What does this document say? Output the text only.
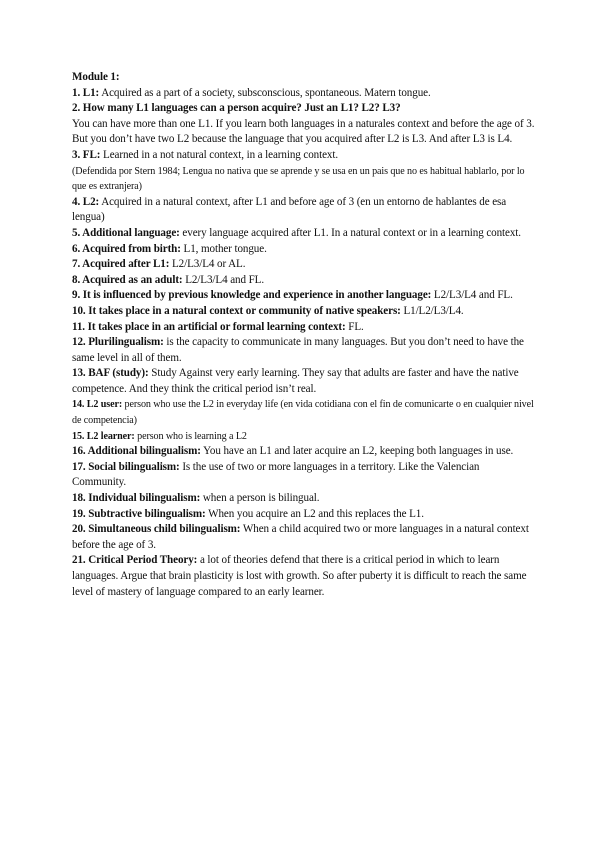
Module 1:

1. L1: Acquired as a part of a society, subsconscious, spontaneous. Matern tongue.

2. How many L1 languages can a person acquire? Just an L1? L2? L3?

You can have more than one L1. If you learn both languages in a naturales context and before the age of 3.

But you don’t have two L2 because the language that you acquired after L2 is L3. And after L3 is L4.

3. FL: Learned in a not natural context, in a learning context.

(Defendida por Stern 1984; Lengua no nativa que se aprende y se usa en un pais que no es habitual hablarlo, por lo que es extranjera)

4. L2: Acquired in a natural context, after L1 and before age of 3 (en un entorno de hablantes de esa lengua)

5. Additional language: every language acquired after L1. In a natural context or in a learning context.

6. Acquired from birth: L1, mother tongue.

7. Acquired after L1: L2/L3/L4 or AL.

8. Acquired as an adult: L2/L3/L4 and FL.

9. It is influenced by previous knowledge and experience in another language: L2/L3/L4 and FL.

10. It takes place in a natural context or community of native speakers: L1/L2/L3/L4.

11. It takes place in an artificial or formal learning context: FL.

12. Plurilingualism: is the capacity to communicate in many languages. But you don’t need to have the same level in all of them.

13. BAF (study): Study Against very early learning. They say that adults are faster and have the native competence. And they think the critical period isn’t real.

14. L2 user: person who use the L2 in everyday life (en vida cotidiana con el fin de comunicarte o en cualquier nivel de competencia)

15. L2 learner: person who is learning a L2

16. Additional bilingualism: You have an L1 and later acquire an L2, keeping both languages in use.

17. Social bilingualism: Is the use of two or more languages in a territory. Like the Valencian Community.

18. Individual bilingualism: when a person is bilingual.

19. Subtractive bilingualism: When you acquire an L2 and this replaces the L1.

20. Simultaneous child bilingualism: When a child acquired two or more languages in a natural context before the age of 3.

21. Critical Period Theory: a lot of theories defend that there is a critical period in which to learn languages. Argue that brain plasticity is lost with growth. So after puberty it is difficult to reach the same level of mastery of language compared to an early learner.
